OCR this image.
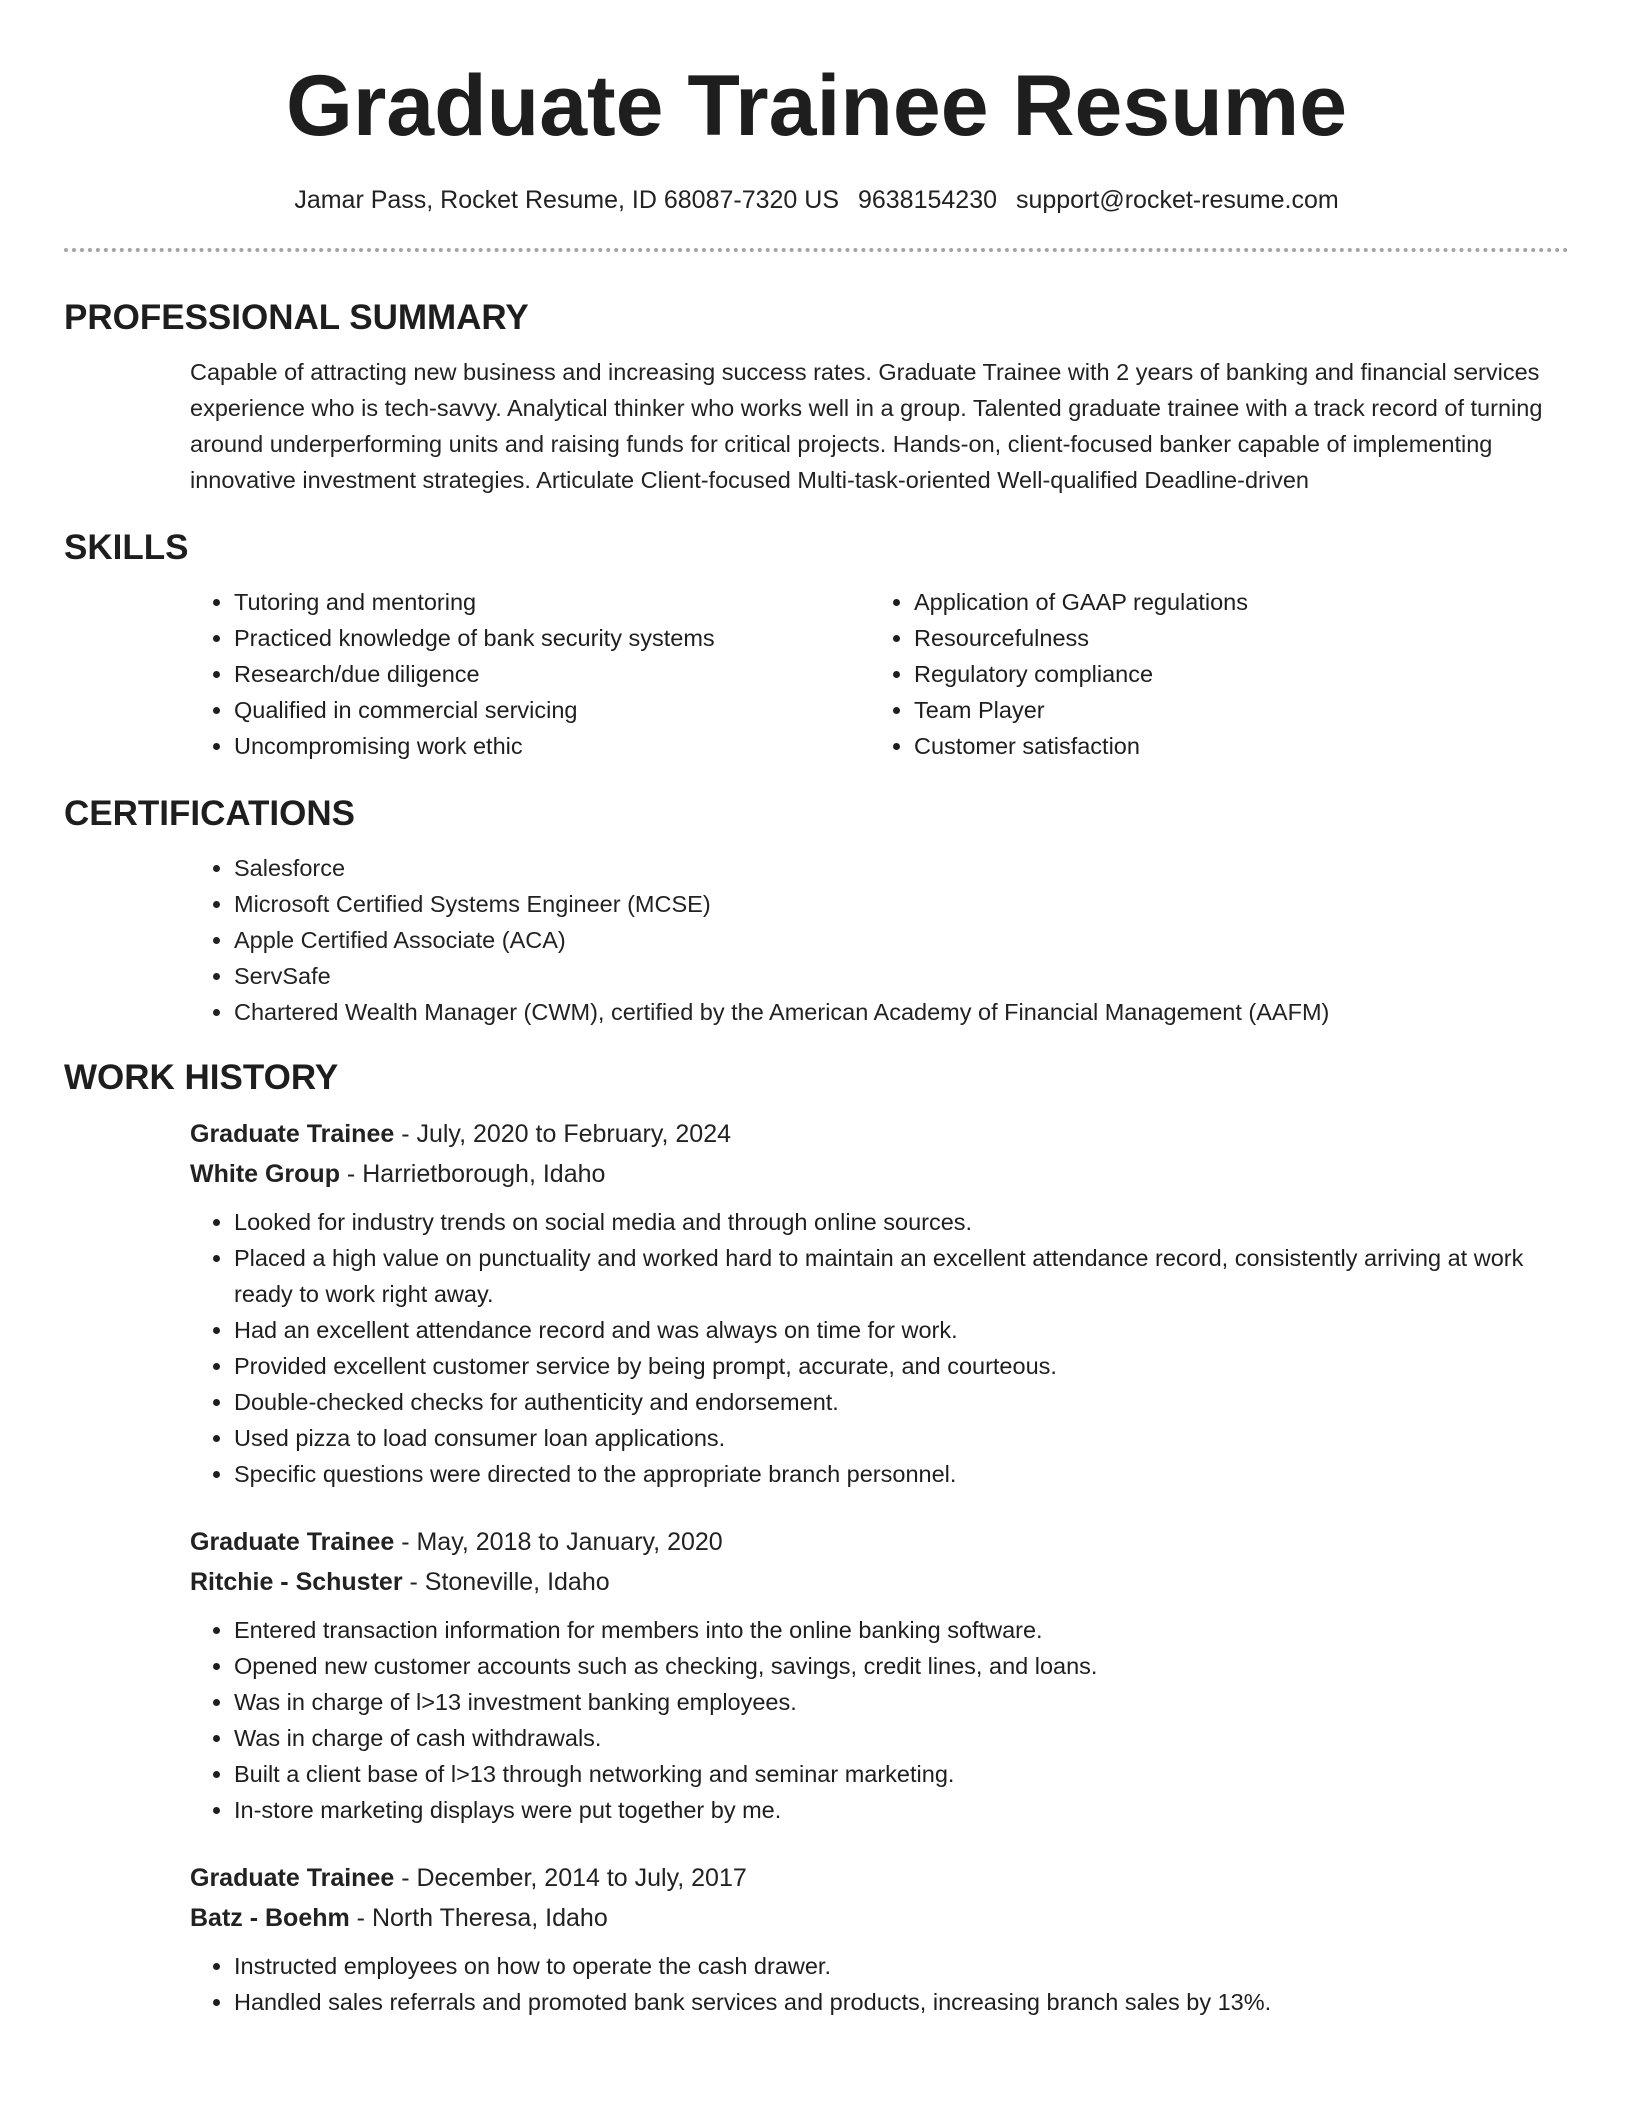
Graduate Trainee Resume
Jamar Pass, Rocket Resume, ID 68087-7320 US 9638154230 support@rocket-resume.com
PROFESSIONAL SUMMARY
Capable of attracting new business and increasing success rates. Graduate Trainee with 2 years of banking and financial services experience who is tech-savvy. Analytical thinker who works well in a group. Talented graduate trainee with a track record of turning around underperforming units and raising funds for critical projects. Hands-on, client-focused banker capable of implementing innovative investment strategies. Articulate Client-focused Multi-task-oriented Well-qualified Deadline-driven
SKILLS
• Tutoring and mentoring
• Practiced knowledge of bank security systems
• Research/due diligence
• Qualified in commercial servicing
• Uncompromising work ethic
• Application of GAAP regulations
• Resourcefulness
• Regulatory compliance
• Team Player
• Customer satisfaction
CERTIFICATIONS
• Salesforce
• Microsoft Certified Systems Engineer (MCSE)
• Apple Certified Associate (ACA)
• ServSafe
• Chartered Wealth Manager (CWM), certified by the American Academy of Financial Management (AAFM)
WORK HISTORY
Graduate Trainee - July, 2020 to February, 2024
White Group - Harrietborough, Idaho
• Looked for industry trends on social media and through online sources.
• Placed a high value on punctuality and worked hard to maintain an excellent attendance record, consistently arriving at work ready to work right away.
• Had an excellent attendance record and was always on time for work.
• Provided excellent customer service by being prompt, accurate, and courteous.
• Double-checked checks for authenticity and endorsement.
• Used pizza to load consumer loan applications.
• Specific questions were directed to the appropriate branch personnel.
Graduate Trainee - May, 2018 to January, 2020
Ritchie - Schuster - Stoneville, Idaho
• Entered transaction information for members into the online banking software.
• Opened new customer accounts such as checking, savings, credit lines, and loans.
• Was in charge of l>13 investment banking employees.
• Was in charge of cash withdrawals.
• Built a client base of l>13 through networking and seminar marketing.
• In-store marketing displays were put together by me.
Graduate Trainee - December, 2014 to July, 2017
Batz - Boehm - North Theresa, Idaho
• Instructed employees on how to operate the cash drawer.
• Handled sales referrals and promoted bank services and products, increasing branch sales by 13%.
